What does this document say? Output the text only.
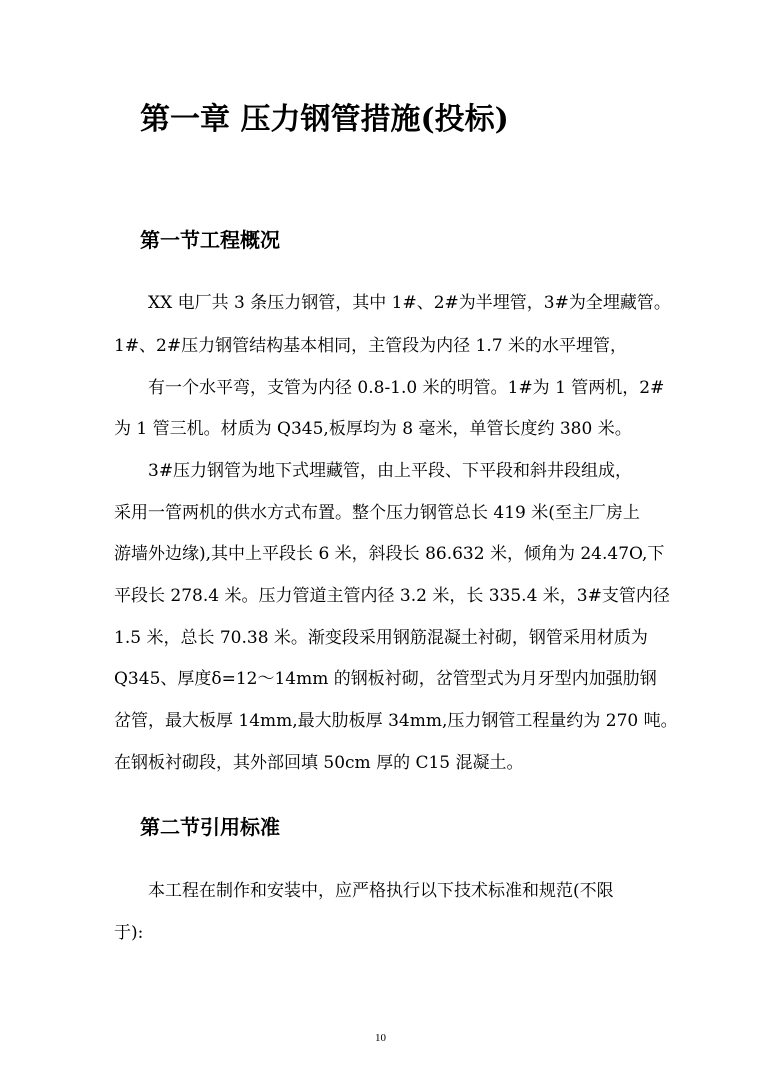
第一章 压力钢管措施(投标)
第一节工程概况

XX 电厂共 3 条压力钢管，其中 1#、2#为半埋管，3#为全埋藏管。

1#、2#压力钢管结构基本相同，主管段为内径 1.7 米的水平埋管，

有一个水平弯，支管为内径 0.8-1.0 米的明管。1#为 1 管两机，2#

为 1 管三机。材质为 Q345,板厚均为 8 毫米，单管长度约 380 米。

3#压力钢管为地下式埋藏管，由上平段、下平段和斜井段组成，

采用一管两机的供水方式布置。整个压力钢管总长 419 米(至主厂房上

游墙外边缘),其中上平段长 6 米，斜段长 86.632 米，倾角为 24.47O,下

平段长 278.4 米。压力管道主管内径 3.2 米，长 335.4 米，3#支管内径

1.5 米，总长 70.38 米。渐变段采用钢筋混凝土衬砌，钢管采用材质为

Q345、厚度δ=12～14mm 的钢板衬砌，岔管型式为月牙型内加强肋钢

岔管，最大板厚 14mm,最大肋板厚 34mm,压力钢管工程量约为 270 吨。

在钢板衬砌段，其外部回填 50cm 厚的 C15 混凝土。

第二节引用标准

本工程在制作和安装中，应严格执行以下技术标准和规范(不限

于):

10
